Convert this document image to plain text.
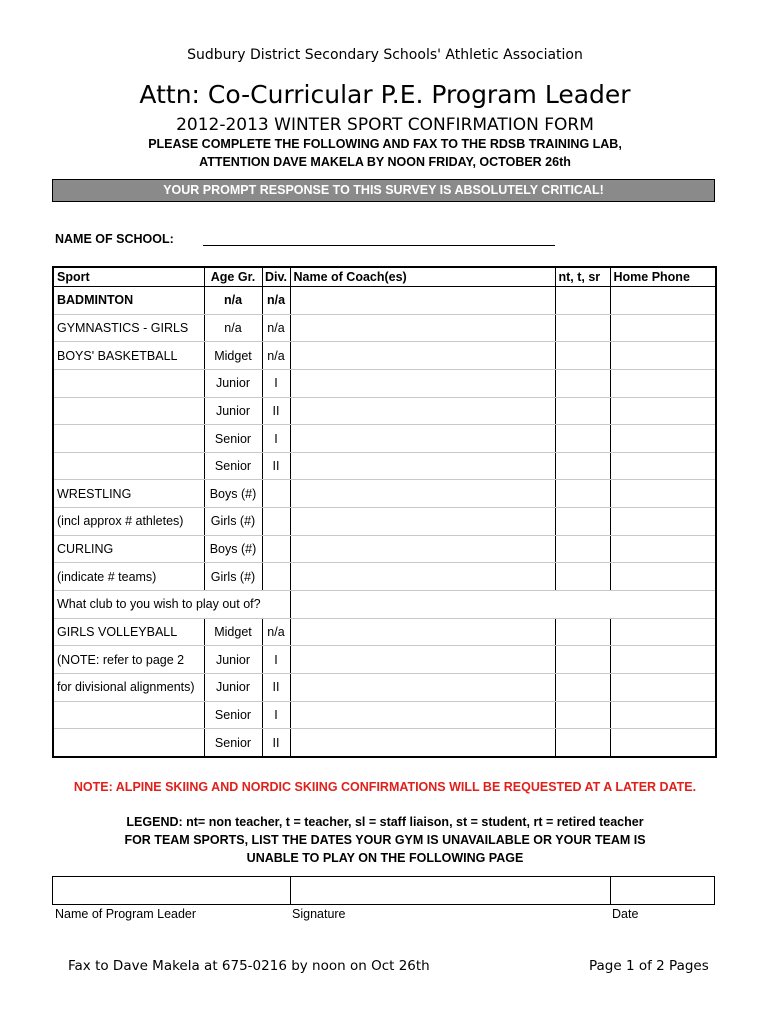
Sudbury District Secondary Schools' Athletic Association
Attn: Co-Curricular P.E. Program Leader
2012-2013 WINTER SPORT CONFIRMATION FORM
PLEASE COMPLETE THE FOLLOWING AND FAX TO THE RDSB TRAINING LAB,
ATTENTION DAVE MAKELA BY NOON FRIDAY, OCTOBER 26th
YOUR PROMPT RESPONSE TO THIS SURVEY IS ABSOLUTELY CRITICAL!
NAME OF SCHOOL:
Sport	Age Gr.	Div.	Name of Coach(es)	nt, t, sr	Home Phone
BADMINTON	n/a	n/a			
GYMNASTICS - GIRLS	n/a	n/a			
BOYS' BASKETBALL	Midget	n/a			
	Junior	I			
	Junior	II			
	Senior	I			
	Senior	II			
WRESTLING	Boys (#)				
(incl approx # athletes)	Girls (#)				
CURLING	Boys (#)				
(indicate # teams)	Girls (#)				
What club to you wish to play out of?					
GIRLS VOLLEYBALL	Midget	n/a			
(NOTE: refer to page 2	Junior	I			
for divisional alignments)	Junior	II			
	Senior	I			
	Senior	II			
NOTE: ALPINE SKIING AND NORDIC SKIING CONFIRMATIONS WILL BE REQUESTED AT A LATER DATE.
LEGEND: nt= non teacher, t = teacher, sl = staff liaison, st = student, rt = retired teacher
FOR TEAM SPORTS, LIST THE DATES YOUR GYM IS UNAVAILABLE OR YOUR TEAM IS
UNABLE TO PLAY ON THE FOLLOWING PAGE
Name of Program Leader	Signature	Date
Fax to Dave Makela at 675-0216 by noon on Oct 26th	Page 1 of 2 Pages
